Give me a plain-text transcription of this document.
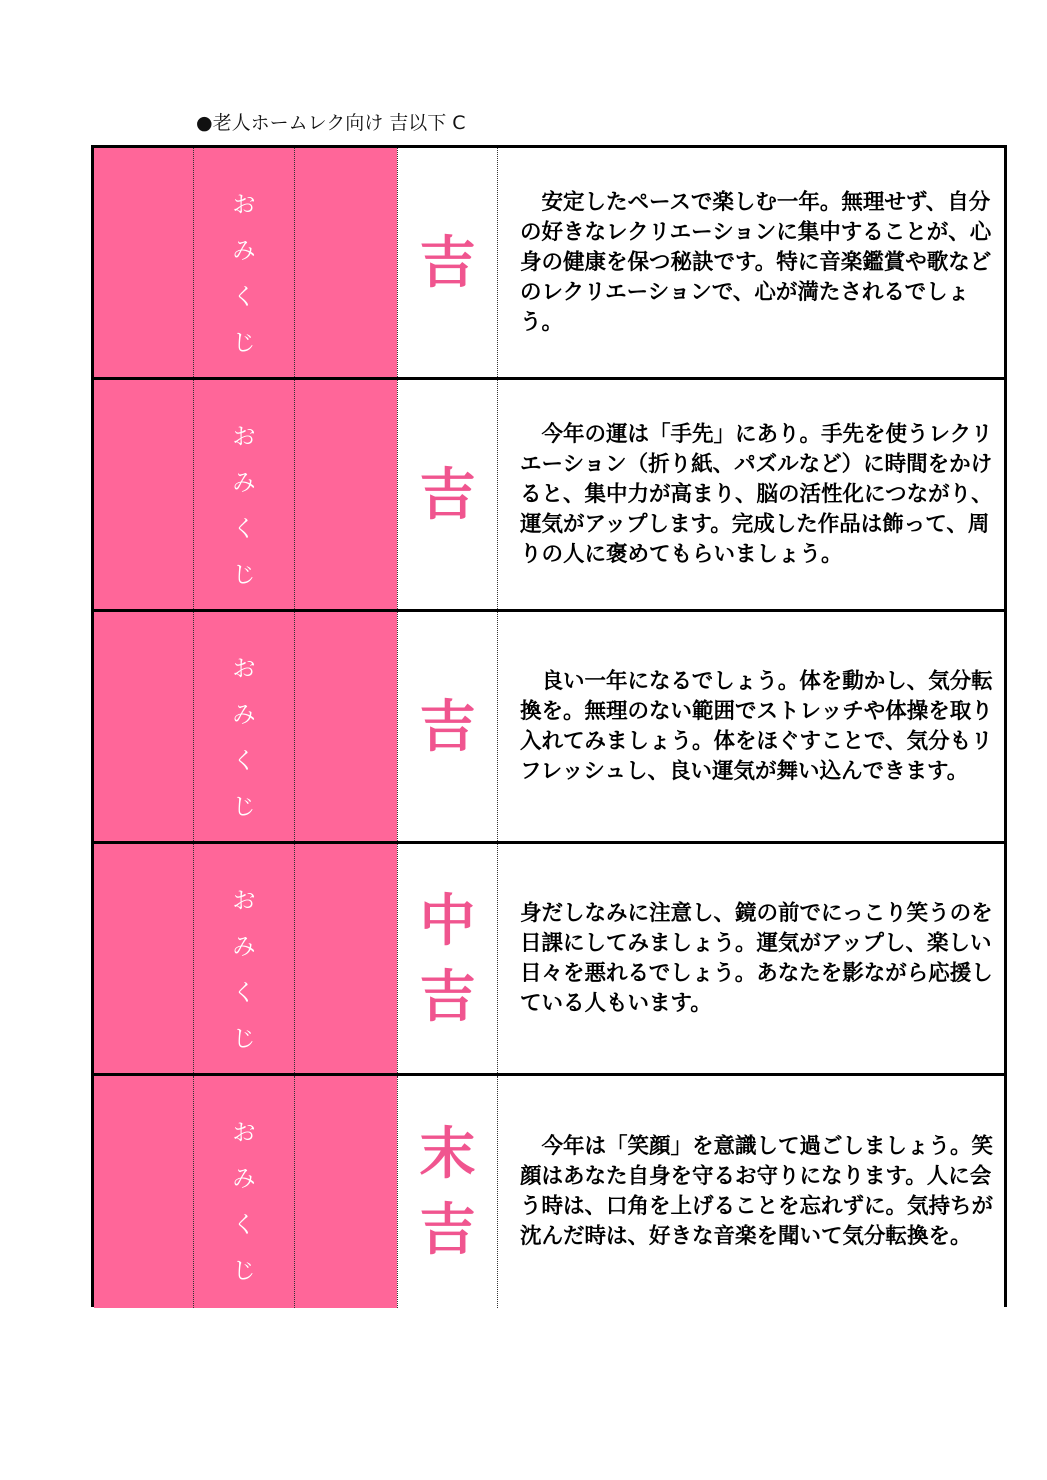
●老人ホームレク向け 吉以下 C
お
み
く
じ
吉

　安定したペースで楽しむ一年。無理せず、自分の好きなレクリエーションに集中することが、心身の健康を保つ秘訣です。特に音楽鑑賞や歌などのレクリエーションで、心が満たされるでしょう。

お
み
く
じ
吉

　今年の運は「手先」にあり。手先を使うレクリエーション（折り紙、パズルなど）に時間をかけると、集中力が高まり、脳の活性化につながり、運気がアップします。完成した作品は飾って、周りの人に褒めてもらいましょう。

お
み
く
じ
吉

　良い一年になるでしょう。体を動かし、気分転換を。無理のない範囲でストレッチや体操を取り入れてみましょう。体をほぐすことで、気分もリフレッシュし、良い運気が舞い込んできます。

お
み
く
じ
中
吉

身だしなみに注意し、鏡の前でにっこり笑うのを日課にしてみましょう。運気がアップし、楽しい日々を悪れるでしょう。あなたを影ながら応援している人もいます。

お
み
く
じ
末
吉

　今年は「笑顔」を意識して過ごしましょう。笑顔はあなた自身を守るお守りになります。人に会う時は、口角を上げることを忘れずに。気持ちが沈んだ時は、好きな音楽を聞いて気分転換を。
